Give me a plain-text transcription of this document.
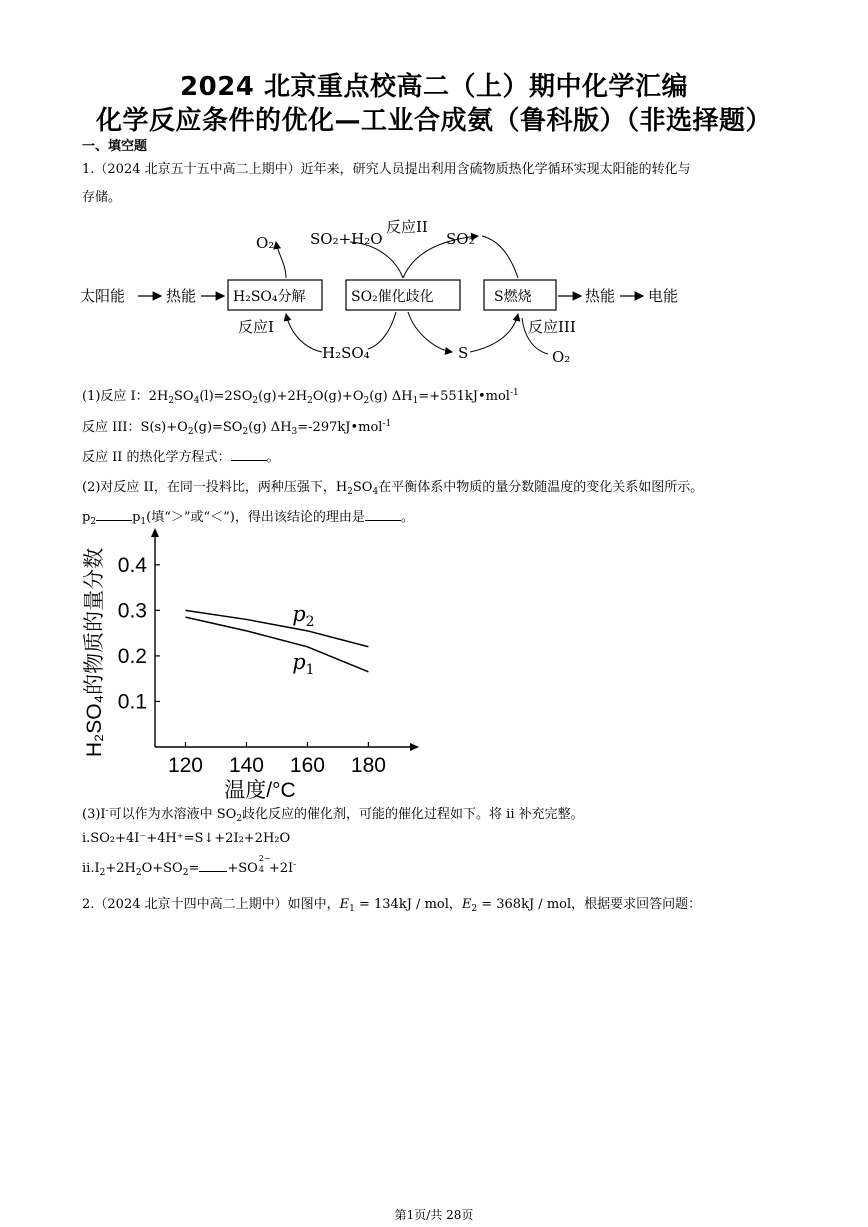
2024 北京重点校高二（上）期中化学汇编
化学反应条件的优化—工业合成氨（鲁科版）（非选择题）
一、填空题
1.（2024 北京五十五中高二上期中）近年来，研究人员提出利用含硫物质热化学循环实现太阳能的转化与
存储。
太阳能	热能	H₂SO₄分解	SO₂催化歧化	S燃烧	热能 电能
O₂ SO₂+H₂O
反应II
SO₂
反应I
H₂SO₄	S
反应III
O₂
(1)反应 I：$2H_2SO_4(l)=2SO_2(g)+2H_2O(g)+O_2(g)$ $\Delta H_1=+551kJ•mol^{-1}$
反应 III：$S(s)+O_2(g)=SO_2(g)$ $\Delta H_3=-297kJ•mol^{-1}$
反应 II 的热化学方程式：	。
(2)对反应 II，在同一投料比，两种压强下，$H_2SO_4$在平衡体系中物质的量分数随温度的变化关系如图所示。
$p_2$	$p_1$(填“＞”或“＜”)，得出该结论的理由是	。
0.1
0.2
0.3
0.4
120 140 160 180
温度/°C
H₂SO₄的物质的量分数	$p_2$
$p_1$
(3)I-可以作为水溶液中 $SO_2$歧化反应的催化剂，可能的催化过程如下。将 ii 补充完整。
i.SO₂+4I⁻+4H⁺=S↓+2I₂+2H₂O
$ii.I_2+2H_2O+SO_2= +SO$
2−
4 +2I-
2.（2024 北京十四中高二上期中）如图中，$E_1 = 134kJ$ / mol，$E_2 = 368kJ$ / mol，根据要求回答问题：
第1页/共 28页
